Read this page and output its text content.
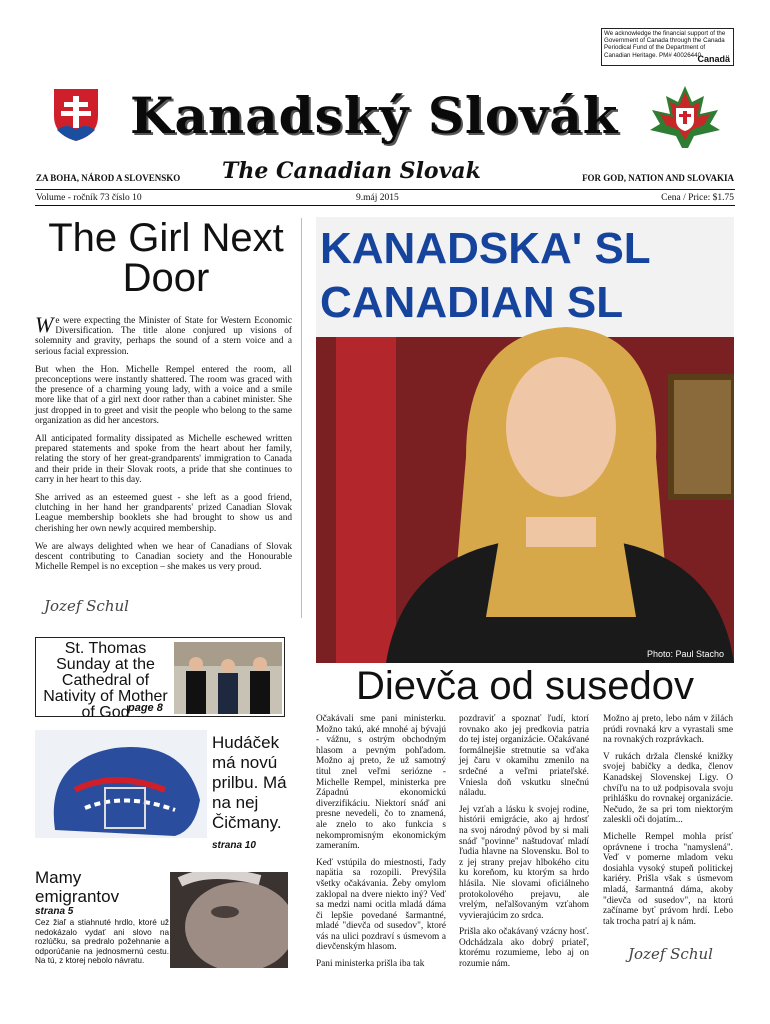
We acknowledge the financial support of the Government of Canada through the Canada Periodical Fund of the Department of Canadian Heritage. PM# 40026440
Canadä
Kanadský Slovák
ZA BOHA, NÁROD A SLOVENSKO The Canadian Slovak	FOR GOD, NATION AND SLOVAKIA
Volume - ročník 73 číslo 10	9.máj 2015	Cena / Price: $1.75
The Girl Next Door

We were expecting the Minister of State for Western Economic Diversification. The title alone conjured up visions of solemnity and gravity, perhaps the sound of a stern voice and a serious facial expression.

But when the Hon. Michelle Rempel entered the room, all preconceptions were instantly shattered. The room was graced with the presence of a charming young lady, with a voice and a smile more like that of a girl next door rather than a cabinet minister. She just dropped in to greet and visit the people who belong to the same organization as did her ancestors.

All anticipated formality dissipated as Michelle eschewed written prepared statements and spoke from the heart about her family, relating the story of her great-grandparents' immigration to Canada and their pride in their Slovak roots, a pride that she continues to carry in her heart to this day.

She arrived as an esteemed guest - she left as a good friend, clutching in her hand her grandparents' prized Canadian Slovak League membership booklets she had brought to show us and cherishing her own newly acquired membership.

We are always delighted when we hear of Canadians of Slovak descent contributing to Canadian society and the Honourable Michelle Rempel is no exception – she makes us very proud.

Jozef Schul
KANADSKA' SL
CANADIAN SL
Photo: Paul Stacho
St. Thomas Sunday at the Cathedral of Nativity of Mother of God
page 8
Hudáček má novú prilbu. Má na nej Čičmany.
strana 10
Mamy emigrantov
strana 5
Cez žiaľ a stiahnuté hrdlo, ktoré už nedokázalo vydať ani slovo na rozlúčku, sa predralo požehnanie a odporúčanie na jednosmernú cestu. Na tú, z ktorej nebolo návratu.
Dievča od susedov

Očakávali sme pani ministerku. Možno takú, aké mnohé aj bývajú - vážnu, s ostrým obchodným hlasom a pevným pohľadom. Možno aj preto, že už samotný titul znel veľmi seriózne - Michelle Rempel, ministerka pre Západnú ekonomickú diverzifikáciu. Niektorí snáď ani presne nevedeli, čo to znamená, ale znelo to ako funkcia s nekompromisným ekonomickým zameraním.

Keď vstúpila do miestnosti, ľady napätia sa rozopili. Prevýšila všetky očakávania. Žeby omylom zaklopal na dvere niekto iný? Veď sa medzi nami ocitla mladá dáma či lepšie povedané šarmantné, mladé "dievča od susedov", ktoré vás na ulici pozdraví s úsmevom a dievčenským hlasom.

Pani ministerka prišla iba tak

pozdraviť a spoznať ľudí, ktorí rovnako ako jej predkovia patria do tej istej organizácie. Očakávané formálnejšie stretnutie sa vďaka jej čaru v okamihu zmenilo na srdečné a veľmi priateľské. Vniesla doň vskutku slnečnú náladu.

Jej vzťah a lásku k svojej rodine, histórii emigrácie, ako aj hrdosť na svoj národný pôvod by si mali snáď "povinne" naštudovať mladí ľudia hlavne na Slovensku. Bol to z jej strany prejav hlbokého citu ku koreňom, ku ktorým sa hrdo hlásila. Nie slovami oficiálneho protokolového prejavu, ale vrelým, neľalšovaným vzťahom vyvierajúcim zo srdca.

Prišla ako očakávaný vzácny hosť. Odchádzala ako dobrý priateľ, ktorému rozumieme, lebo aj on rozumie nám.

Možno aj preto, lebo nám v žilách prúdi rovnaká krv a vyrastali sme na rovnakých rozprávkach.

V rukách držala členské knižky svojej babičky a dedka, členov Kanadskej Slovenskej Ligy. O chvíľu na to už podpisovala svoju prihlášku do rovnakej organizácie. Nečudo, že sa pri tom niektorým zaleskli oči dojatím...

Michelle Rempel mohla prísť oprávnene i trocha "namyslená". Veď v pomerne mladom veku dosiahla vysoký stupeň politickej kariéry. Prišla však s úsmevom mladá, šarmantná dáma, akoby "dievča od susedov", na ktorú začíname byť právom hrdí. Lebo tak trocha patrí aj k nám.

Jozef Schul
